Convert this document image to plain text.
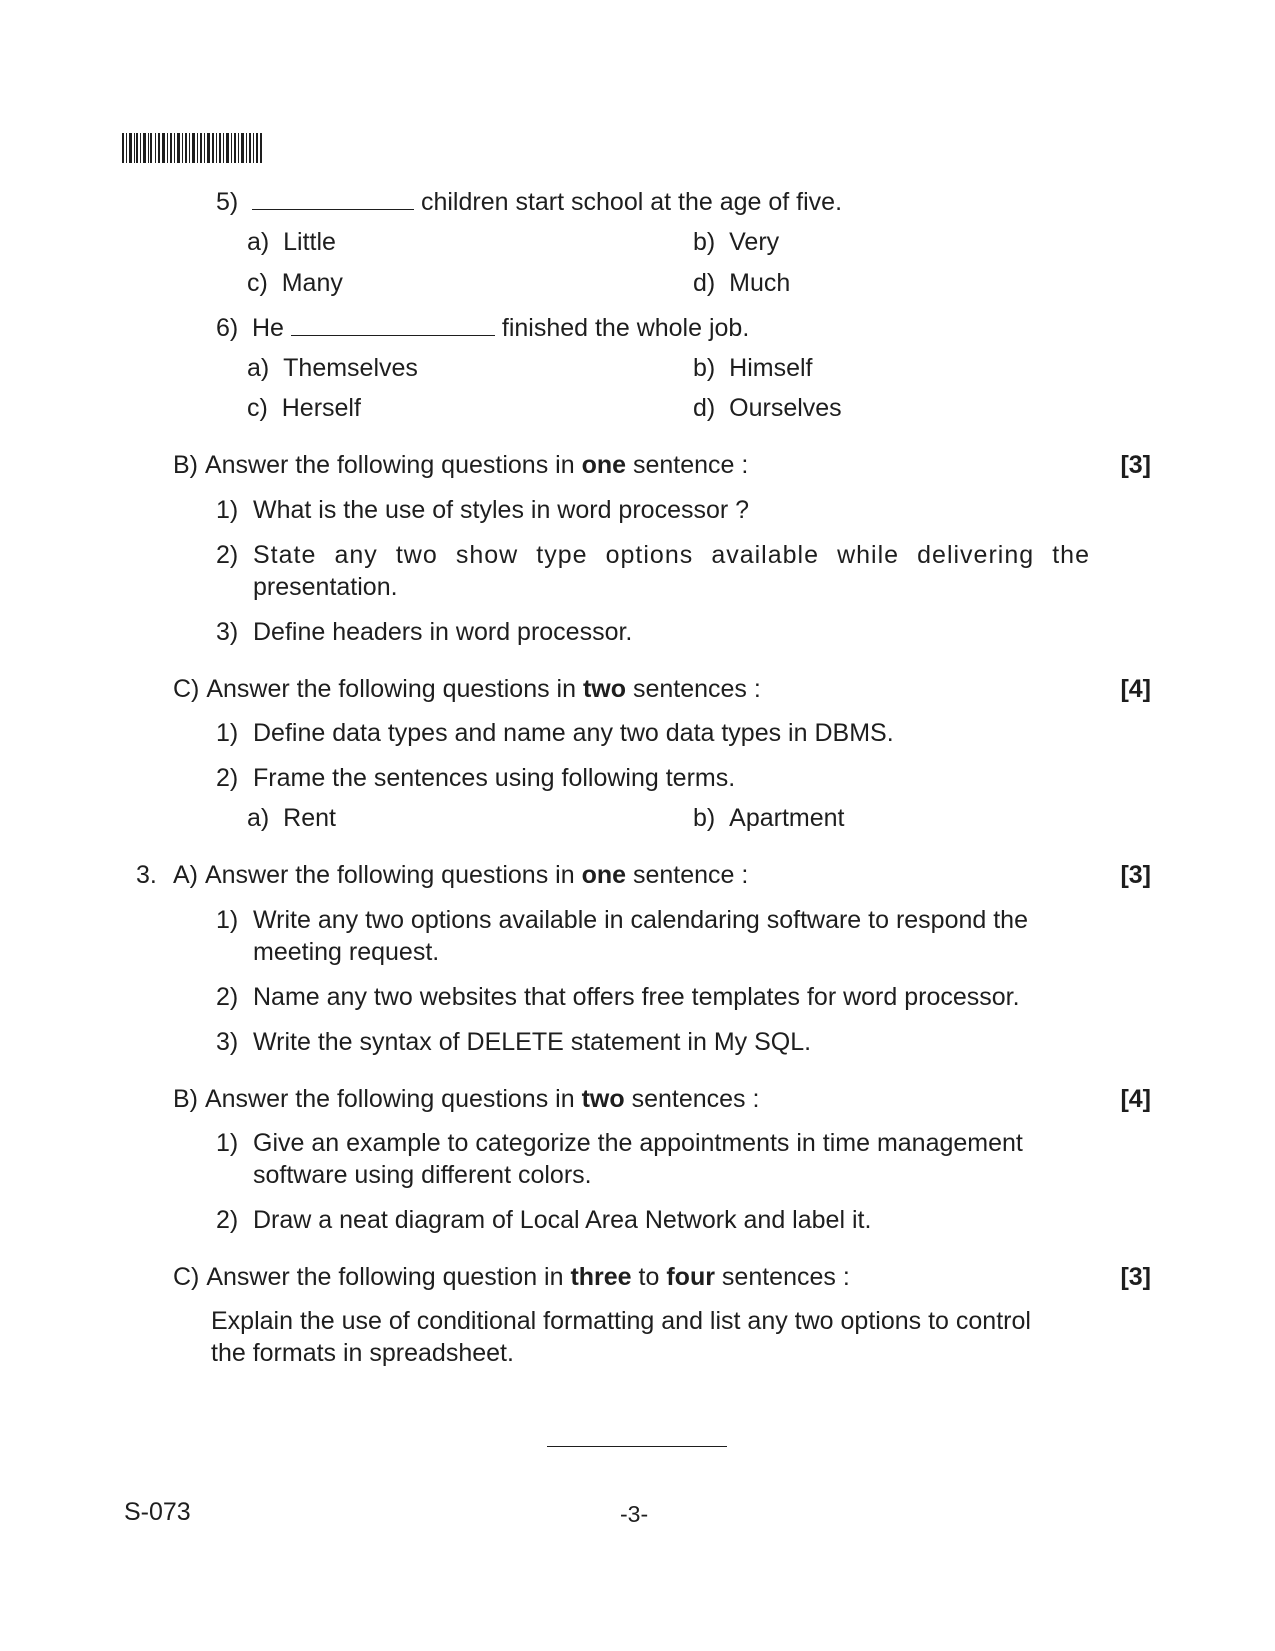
5)	children start school at the age of five.
a) Little	b) Very
c) Many	d) Much
6) He	finished the whole job.
a) Themselves	b) Himself
c) Herself	d) Ourselves
B) Answer the following questions in one sentence :	[3]
1) What is the use of styles in word processor ?
2) State any two show type options available while delivering the
presentation.
3) Define headers in word processor.
C) Answer the following questions in two sentences :	[4]
1) Define data types and name any two data types in DBMS.
2) Frame the sentences using following terms.
a) Rent	b) Apartment
3. A) Answer the following questions in one sentence :	[3]
1) Write any two options available in calendaring software to respond the
meeting request.
2) Name any two websites that offers free templates for word processor.
3) Write the syntax of DELETE statement in My SQL.
B) Answer the following questions in two sentences :	[4]
1) Give an example to categorize the appointments in time management
software using different colors.
2) Draw a neat diagram of Local Area Network and label it.
C) Answer the following question in three to four sentences :	[3]
Explain the use of conditional formatting and list any two options to control
the formats in spreadsheet.
S-073	-3-
